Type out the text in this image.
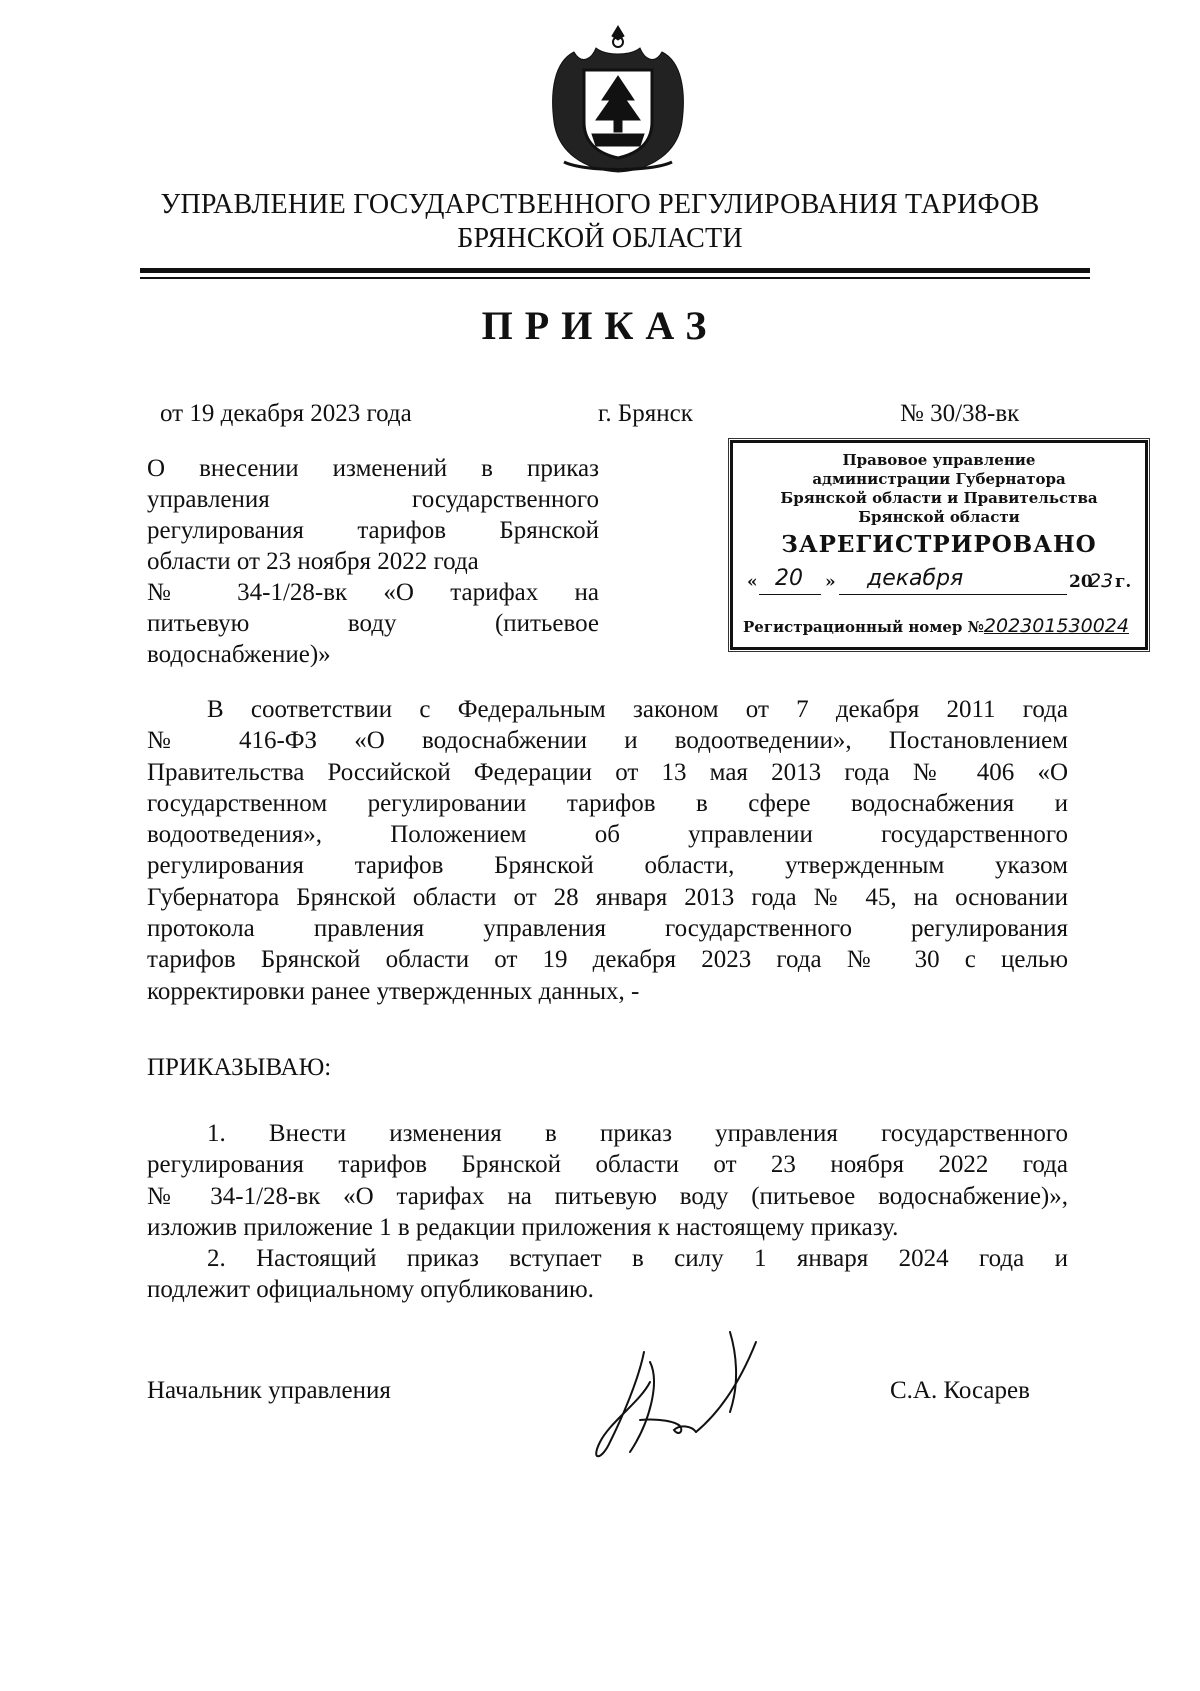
УПРАВЛЕНИЕ ГОСУДАРСТВЕННОГО РЕГУЛИРОВАНИЯ ТАРИФОВ
БРЯНСКОЙ ОБЛАСТИ
ПРИКАЗ
от 19 декабря 2023 года	г. Брянск	№ 30/38-вк
О внесении изменений в приказ
управления государственного
регулирования тарифов Брянской
области от 23 ноября 2022 года
№ 34-1/28-вк «О тарифах на
питьевую воду (питьевое
водоснабжение)»
Правовое управление
администрации Губернатора
Брянской области и Правительства
Брянской области
ЗАРЕГИСТРИРОВАНО
« 20 » декабря	20
23 г.
Регистрационный номер №202301530024
В соответствии с Федеральным законом от 7 декабря 2011 года
№ 416-ФЗ «О водоснабжении и водоотведении», Постановлением
Правительства Российской Федерации от 13 мая 2013 года № 406 «О
государственном регулировании тарифов в сфере водоснабжения и
водоотведения», Положением об управлении государственного
регулирования тарифов Брянской области, утвержденным указом
Губернатора Брянской области от 28 января 2013 года № 45, на основании
протокола правления управления государственного регулирования
тарифов Брянской области от 19 декабря 2023 года № 30 с целью
корректировки ранее утвержденных данных, -
ПРИКАЗЫВАЮ:
1. Внести изменения в приказ управления государственного
регулирования тарифов Брянской области от 23 ноября 2022 года
№ 34-1/28-вк «О тарифах на питьевую воду (питьевое водоснабжение)»,
изложив приложение 1 в редакции приложения к настоящему приказу.
2. Настоящий приказ вступает в силу 1 января 2024 года и
подлежит официальному опубликованию.
Начальник управления	С.А. Косарев
